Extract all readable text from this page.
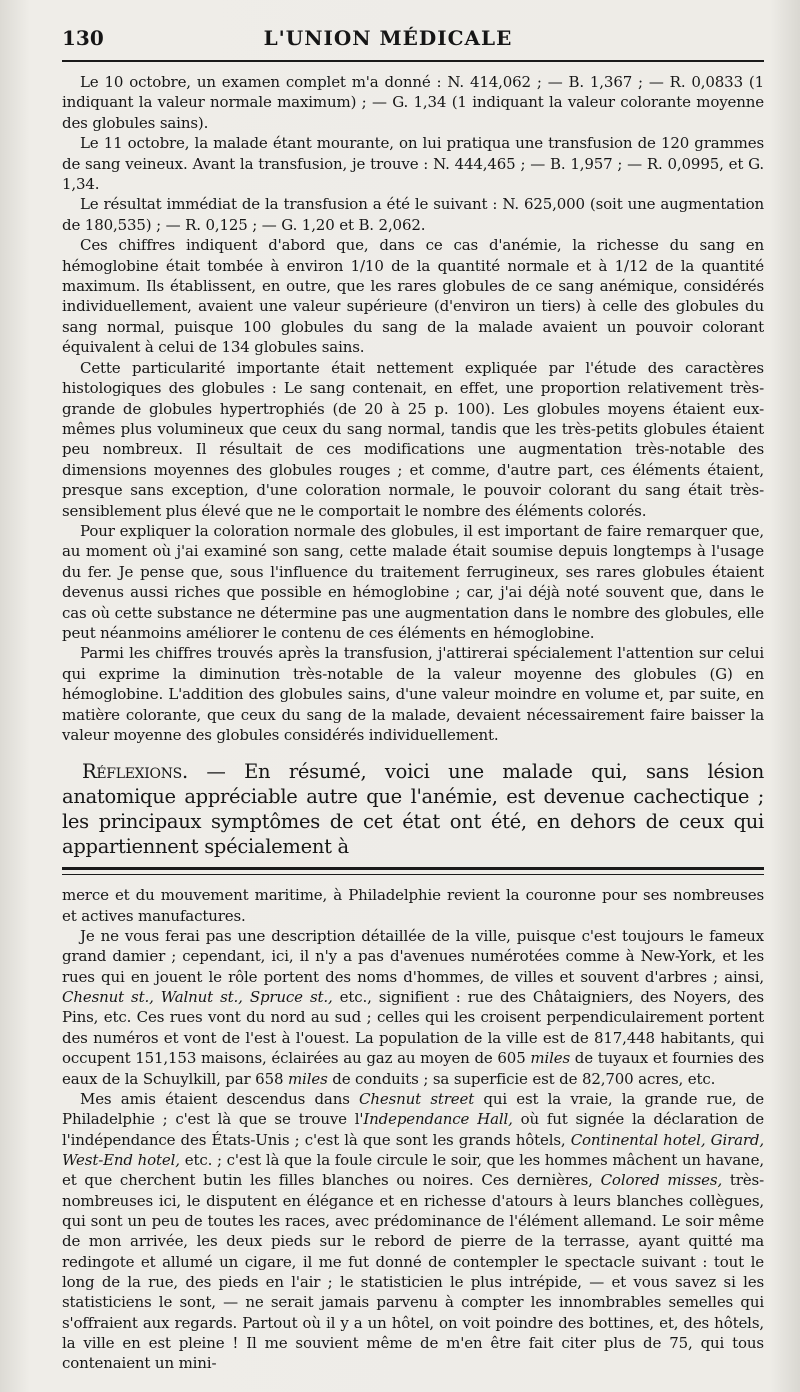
130	L'UNION MÉDICALE

Le 10 octobre, un examen complet m'a donné : N. 414,062 ; — B. 1,367 ; — R. 0,0833 (1 indiquant la valeur normale maximum) ; — G. 1,34 (1 indiquant la valeur colorante moyenne des globules sains).

Le 11 octobre, la malade étant mourante, on lui pratiqua une transfusion de 120 grammes de sang veineux. Avant la transfusion, je trouve : N. 444,465 ; — B. 1,957 ; — R. 0,0995, et G. 1,34.

Le résultat immédiat de la transfusion a été le suivant : N. 625,000 (soit une augmentation de 180,535) ; — R. 0,125 ; — G. 1,20 et B. 2,062.

Ces chiffres indiquent d'abord que, dans ce cas d'anémie, la richesse du sang en hémoglobine était tombée à environ 1/10 de la quantité normale et à 1/12 de la quantité maximum. Ils établissent, en outre, que les rares globules de ce sang anémique, considérés individuellement, avaient une valeur supérieure (d'environ un tiers) à celle des globules du sang normal, puisque 100 globules du sang de la malade avaient un pouvoir colorant équivalent à celui de 134 globules sains.

Cette particularité importante était nettement expliquée par l'étude des caractères histologiques des globules : Le sang contenait, en effet, une proportion relativement très-grande de globules hypertrophiés (de 20 à 25 p. 100). Les globules moyens étaient eux-mêmes plus volumineux que ceux du sang normal, tandis que les très-petits globules étaient peu nombreux. Il résultait de ces modifications une augmentation très-notable des dimensions moyennes des globules rouges ; et comme, d'autre part, ces éléments étaient, presque sans exception, d'une coloration normale, le pouvoir colorant du sang était très-sensiblement plus élevé que ne le comportait le nombre des éléments colorés.

Pour expliquer la coloration normale des globules, il est important de faire remarquer que, au moment où j'ai examiné son sang, cette malade était soumise depuis longtemps à l'usage du fer. Je pense que, sous l'influence du traitement ferrugineux, ses rares globules étaient devenus aussi riches que possible en hémoglobine ; car, j'ai déjà noté souvent que, dans le cas où cette substance ne détermine pas une augmentation dans le nombre des globules, elle peut néanmoins améliorer le contenu de ces éléments en hémoglobine.

Parmi les chiffres trouvés après la transfusion, j'attirerai spécialement l'attention sur celui qui exprime la diminution très-notable de la valeur moyenne des globules (G) en hémoglobine. L'addition des globules sains, d'une valeur moindre en volume et, par suite, en matière colorante, que ceux du sang de la malade, devaient nécessairement faire baisser la valeur moyenne des globules considérés individuellement.

Réflexions. — En résumé, voici une malade qui, sans lésion anatomique appréciable autre que l'anémie, est devenue cachectique ; les principaux symptômes de cet état ont été, en dehors de ceux qui appartiennent spécialement à

merce et du mouvement maritime, à Philadelphie revient la couronne pour ses nombreuses et actives manufactures.

Je ne vous ferai pas une description détaillée de la ville, puisque c'est toujours le fameux grand damier ; cependant, ici, il n'y a pas d'avenues numérotées comme à New-York, et les rues qui en jouent le rôle portent des noms d'hommes, de villes et souvent d'arbres ; ainsi, Chesnut st., Walnut st., Spruce st., etc., signifient : rue des Châtaigniers, des Noyers, des Pins, etc. Ces rues vont du nord au sud ; celles qui les croisent perpendiculairement portent des numéros et vont de l'est à l'ouest. La population de la ville est de 817,448 habitants, qui occupent 151,153 maisons, éclairées au gaz au moyen de 605 miles de tuyaux et fournies des eaux de la Schuylkill, par 658 miles de conduits ; sa superficie est de 82,700 acres, etc.

Mes amis étaient descendus dans Chesnut street qui est la vraie, la grande rue, de Philadelphie ; c'est là que se trouve l'Independance Hall, où fut signée la déclaration de l'indépendance des États-Unis ; c'est là que sont les grands hôtels, Continental hotel, Girard, West-End hotel, etc. ; c'est là que la foule circule le soir, que les hommes mâchent un havane, et que cherchent butin les filles blanches ou noires. Ces dernières, Colored misses, très-nombreuses ici, le disputent en élégance et en richesse d'atours à leurs blanches collègues, qui sont un peu de toutes les races, avec prédominance de l'élément allemand. Le soir même de mon arrivée, les deux pieds sur le rebord de pierre de la terrasse, ayant quitté ma redingote et allumé un cigare, il me fut donné de contempler le spectacle suivant : tout le long de la rue, des pieds en l'air ; le statisticien le plus intrépide, — et vous savez si les statisticiens le sont, — ne serait jamais parvenu à compter les innombrables semelles qui s'offraient aux regards. Partout où il y a un hôtel, on voit poindre des bottines, et, des hôtels, la ville en est pleine ! Il me souvient même de m'en être fait citer plus de 75, qui tous contenaient un mini-
